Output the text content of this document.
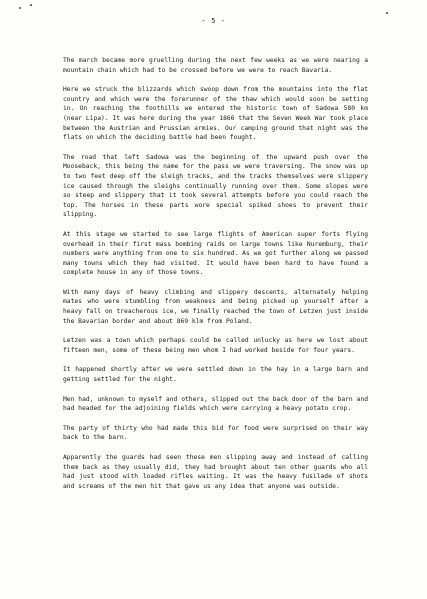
- 5 -

The march became more gruelling during the next few weeks as we were nearing a mountain chain which had to be crossed before we were to reach Bavaria.

Here we struck the blizzards which swoop down from the mountains into the flat country and which were the forerunner of the thaw which would soon be setting in. On reaching the foothills we entered the historic town of Sadowa 580 km (near Lipa). It was here during the year 1866 that the Seven Week War took place between the Austrian and Prussian armies. Our camping ground that night was the flats on which the deciding battle had been fought.

The road that left Sadowa was the beginning of the upward push over the Mooseback, this being the name for the pass we were traversing. The snow was up to two feet deep off the sleigh tracks, and the tracks themselves were slippery ice caused through the sleighs continually running over them. Some slopes were so steep and slippery that it took several attempts before you could reach the top. The horses in these parts wore special spiked shoes to prevent their slipping.

At this stage we started to see large flights of American super forts flying overhead in their first mass bombing raids on large towns like Nuremburg, their numbers were anything from one to six hundred. As we got further along we passed many towns which they had visited. It would have been hard to have found a complete house in any of those towns.

With many days of heavy climbing and slippery descents, alternately helping mates who were stumbling from weakness and being picked up yourself after a heavy fall on treacherous ice, we finally reached the town of Letzen just inside the Bavarian border and about 869 klm from Poland.

Letzen was a town which perhaps could be called unlucky as here we lost about fifteen men, some of these being men whom I had worked beside for four years.

It happened shortly after we were settled down in the hay in a large barn and getting settled for the night.

Men had, unknown to myself and others, slipped out the back door of the barn and had headed for the adjoining fields which were carrying a heavy potato crop.

The party of thirty who had made this bid for food were surprised on their way back to the barn.

Apparently the guards had seen these men slipping away and instead of calling them back as they usually did, they had brought about ten other guards who all had just stood with loaded rifles waiting. It was the heavy fusilade of shots and screams of the men hit that gave us any idea that anyone was outside.
